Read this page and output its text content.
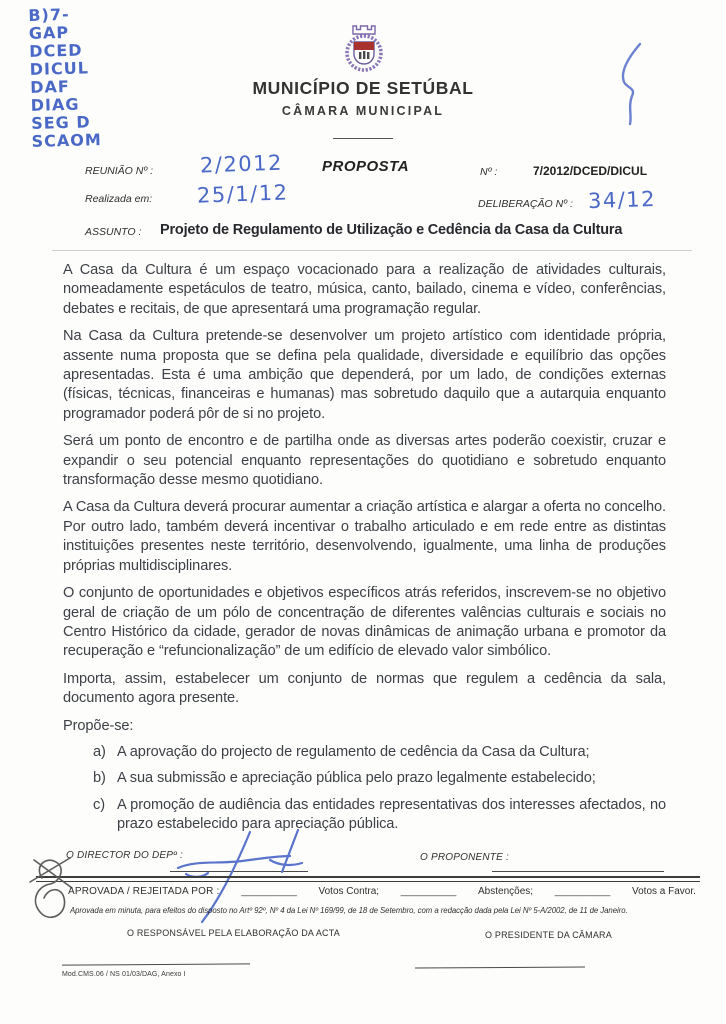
B)7-
GAP
DCED
DICUL
DAF
DIAG
SEG D
SCAOM
MUNICÍPIO DE SETÚBAL
CÂMARA MUNICIPAL
REUNIÃO Nº : 2/2012	PROPOSTA	Nº :	7/2012/DCED/DICUL
Realizada em: 25/1/12	DELIBERAÇÃO Nº : 34/12
ASSUNTO : Projeto de Regulamento de Utilização e Cedência da Casa da Cultura

A Casa da Cultura é um espaço vocacionado para a realização de atividades culturais, nomeadamente espetáculos de teatro, música, canto, bailado, cinema e vídeo, conferências, debates e recitais, de que apresentará uma programação regular.

Na Casa da Cultura pretende-se desenvolver um projeto artístico com identidade própria, assente numa proposta que se defina pela qualidade, diversidade e equilíbrio das opções apresentadas. Esta é uma ambição que dependerá, por um lado, de condições externas (físicas, técnicas, financeiras e humanas) mas sobretudo daquilo que a autarquia enquanto programador poderá pôr de si no projeto.

Será um ponto de encontro e de partilha onde as diversas artes poderão coexistir, cruzar e expandir o seu potencial enquanto representações do quotidiano e sobretudo enquanto transformação desse mesmo quotidiano.

A Casa da Cultura deverá procurar aumentar a criação artística e alargar a oferta no concelho. Por outro lado, também deverá incentivar o trabalho articulado e em rede entre as distintas instituições presentes neste território, desenvolvendo, igualmente, uma linha de produções próprias multidisciplinares.

O conjunto de oportunidades e objetivos específicos atrás referidos, inscrevem-se no objetivo geral de criação de um pólo de concentração de diferentes valências culturais e sociais no Centro Histórico da cidade, gerador de novas dinâmicas de animação urbana e promotor da recuperação e “refuncionalização” de um edifício de elevado valor simbólico.

Importa, assim, estabelecer um conjunto de normas que regulem a cedência da sala, documento agora presente.

Propõe-se:

a) A aprovação do projecto de regulamento de cedência da Casa da Cultura;
b) A sua submissão e apreciação pública pelo prazo legalmente estabelecido;
c) A promoção de audiência das entidades representativas dos interesses afectados, no prazo estabelecido para apreciação pública.
O DIRECTOR DO DEPº :	O PROPONENTE :
APROVADA / REJEITADA POR : __________ Votos Contra; __________ Abstenções; __________ Votos a Favor.
Aprovada em minuta, para efeitos do disposto no Artº 92º, Nº 4 da Lei Nº 169/99, de 18 de Setembro, com a redacção dada pela Lei Nº 5-A/2002, de 11 de Janeiro.
O RESPONSÁVEL PELA ELABORAÇÃO DA ACTA	O PRESIDENTE DA CÂMARA
Mod.CMS.06 / NS 01/03/DAG, Anexo I
